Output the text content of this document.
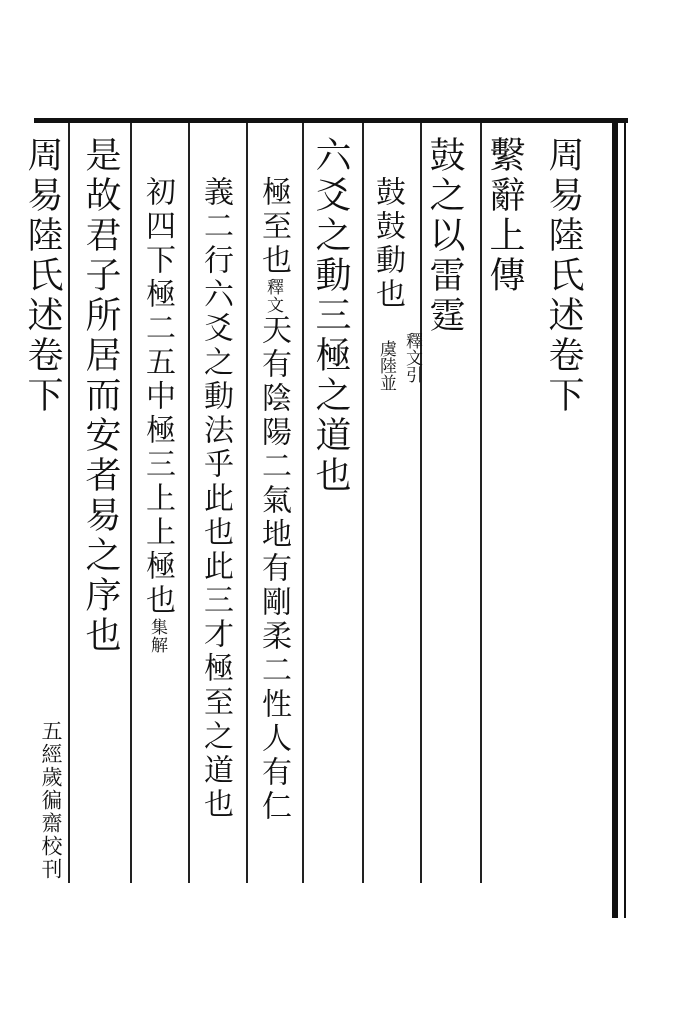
周易陸氏述卷下
繫辭上傳
鼓之以雷霆
鼓鼓動也
釋文引
虞陸並
六爻之動三極之道也
極至也釋文天有陰陽二氣地有剛柔二性人有仁
義二行六爻之動法乎此也此三才極至之道也
初四下極二五中極三上上極也集解
是故君子所居而安者易之序也
周易陸氏述卷下
五經歲徧齋校刊
